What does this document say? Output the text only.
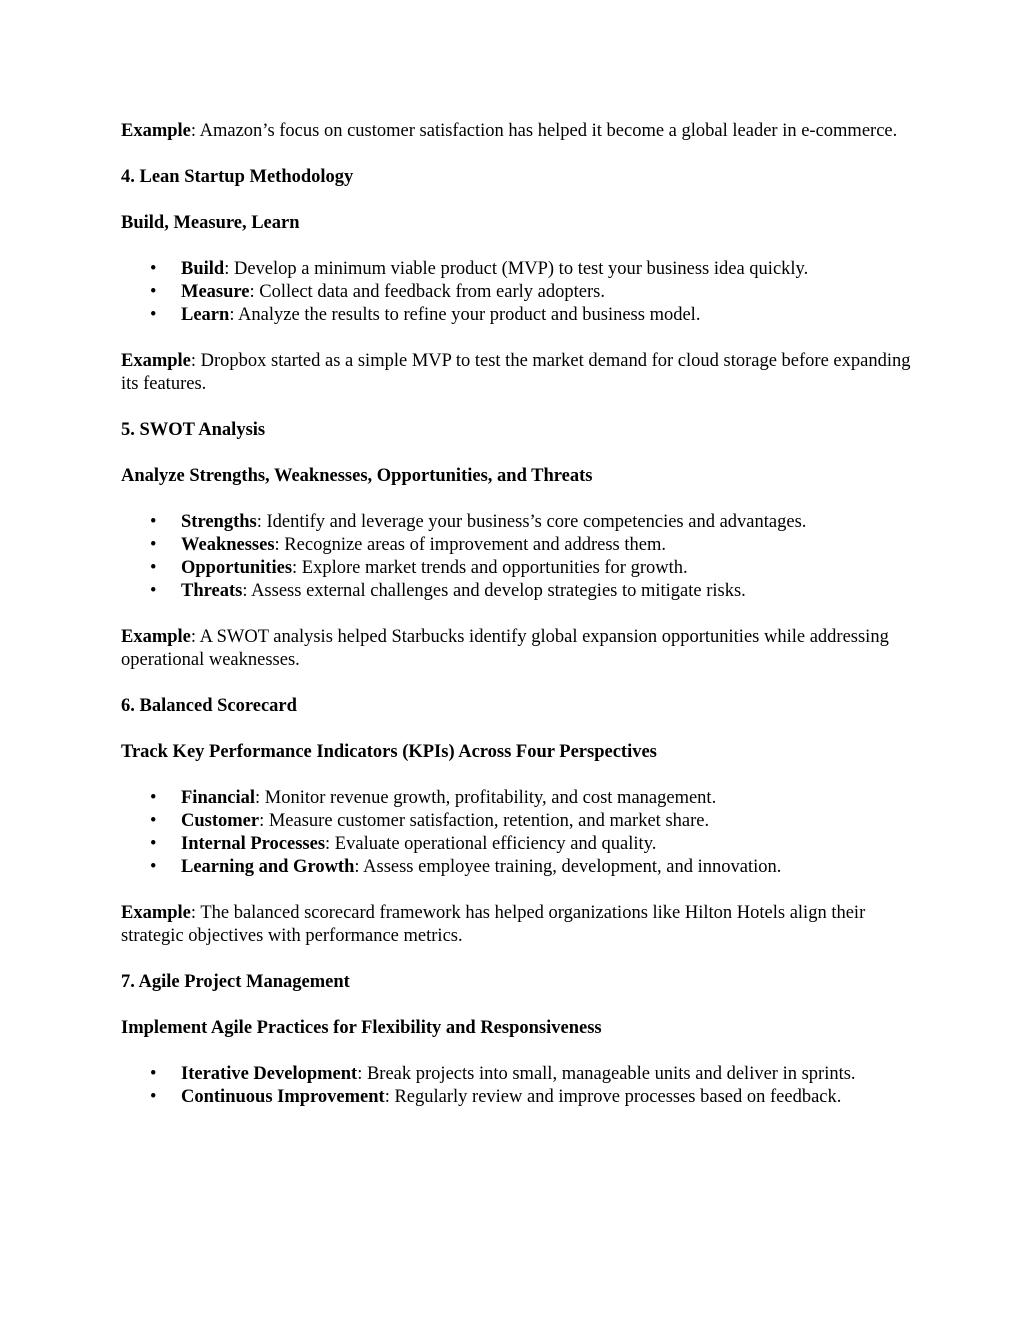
Example: Amazon’s focus on customer satisfaction has helped it become a global leader in e-commerce.

4. Lean Startup Methodology

Build, Measure, Learn

• Build: Develop a minimum viable product (MVP) to test your business idea quickly.
• Measure: Collect data and feedback from early adopters.
• Learn: Analyze the results to refine your product and business model.

Example: Dropbox started as a simple MVP to test the market demand for cloud storage before expanding its features.

5. SWOT Analysis

Analyze Strengths, Weaknesses, Opportunities, and Threats

• Strengths: Identify and leverage your business’s core competencies and advantages.
• Weaknesses: Recognize areas of improvement and address them.
• Opportunities: Explore market trends and opportunities for growth.
• Threats: Assess external challenges and develop strategies to mitigate risks.

Example: A SWOT analysis helped Starbucks identify global expansion opportunities while addressing operational weaknesses.

6. Balanced Scorecard

Track Key Performance Indicators (KPIs) Across Four Perspectives

• Financial: Monitor revenue growth, profitability, and cost management.
• Customer: Measure customer satisfaction, retention, and market share.
• Internal Processes: Evaluate operational efficiency and quality.
• Learning and Growth: Assess employee training, development, and innovation.

Example: The balanced scorecard framework has helped organizations like Hilton Hotels align their strategic objectives with performance metrics.

7. Agile Project Management

Implement Agile Practices for Flexibility and Responsiveness

• Iterative Development: Break projects into small, manageable units and deliver in sprints.
• Continuous Improvement: Regularly review and improve processes based on feedback.
